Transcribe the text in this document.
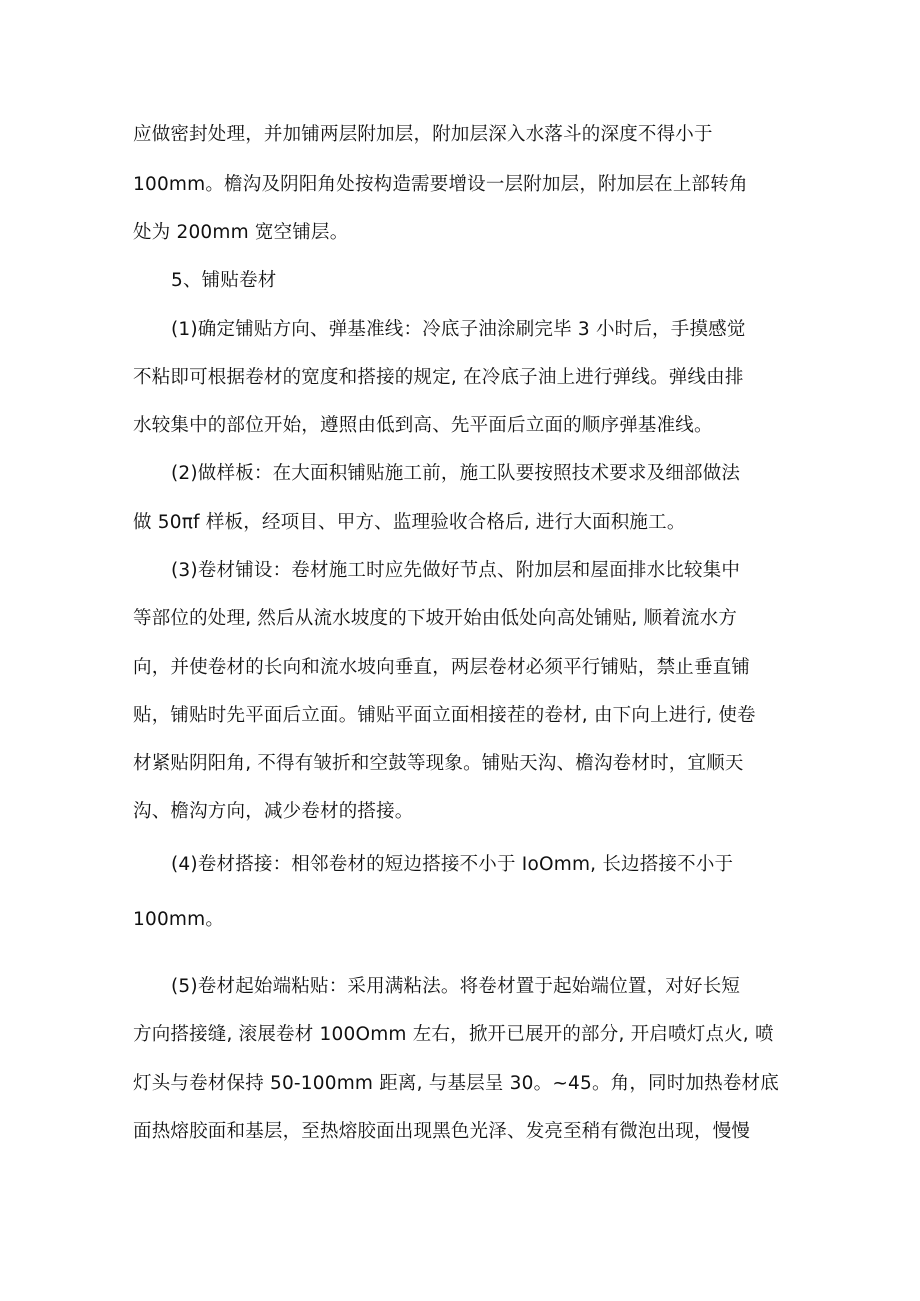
应做密封处理，并加铺两层附加层，附加层深入水落斗的深度不得小于
100mm。檐沟及阴阳角处按构造需要增设一层附加层，附加层在上部转角
处为 200mm 宽空铺层。
5、铺贴卷材
(1)确定铺贴方向、弹基准线：冷底子油涂刷完毕 3 小时后，手摸感觉
不粘即可根据卷材的宽度和搭接的规定, 在冷底子油上进行弹线。弹线由排
水较集中的部位开始，遵照由低到高、先平面后立面的顺序弹基准线。
(2)做样板：在大面积铺贴施工前，施工队要按照技术要求及细部做法
做 50πf 样板，经项目、甲方、监理验收合格后, 进行大面积施工。
(3)卷材铺设：卷材施工时应先做好节点、附加层和屋面排水比较集中
等部位的处理, 然后从流水坡度的下坡开始由低处向高处铺贴, 顺着流水方
向，并使卷材的长向和流水坡向垂直，两层卷材必须平行铺贴，禁止垂直铺
贴，铺贴时先平面后立面。铺贴平面立面相接茬的卷材, 由下向上进行, 使卷
材紧贴阴阳角, 不得有皱折和空鼓等现象。铺贴天沟、檐沟卷材时，宜顺天
沟、檐沟方向，减少卷材的搭接。
(4)卷材搭接：相邻卷材的短边搭接不小于 IoOmm, 长边搭接不小于
100mm。
(5)卷材起始端粘贴：采用满粘法。将卷材置于起始端位置，对好长短
方向搭接缝, 滚展卷材 100Omm 左右，掀开已展开的部分, 开启喷灯点火, 喷
灯头与卷材保持 50-100mm 距离, 与基层呈 30。~45。角，同时加热卷材底
面热熔胶面和基层，至热熔胶面出现黑色光泽、发亮至稍有微泡出现，慢慢
